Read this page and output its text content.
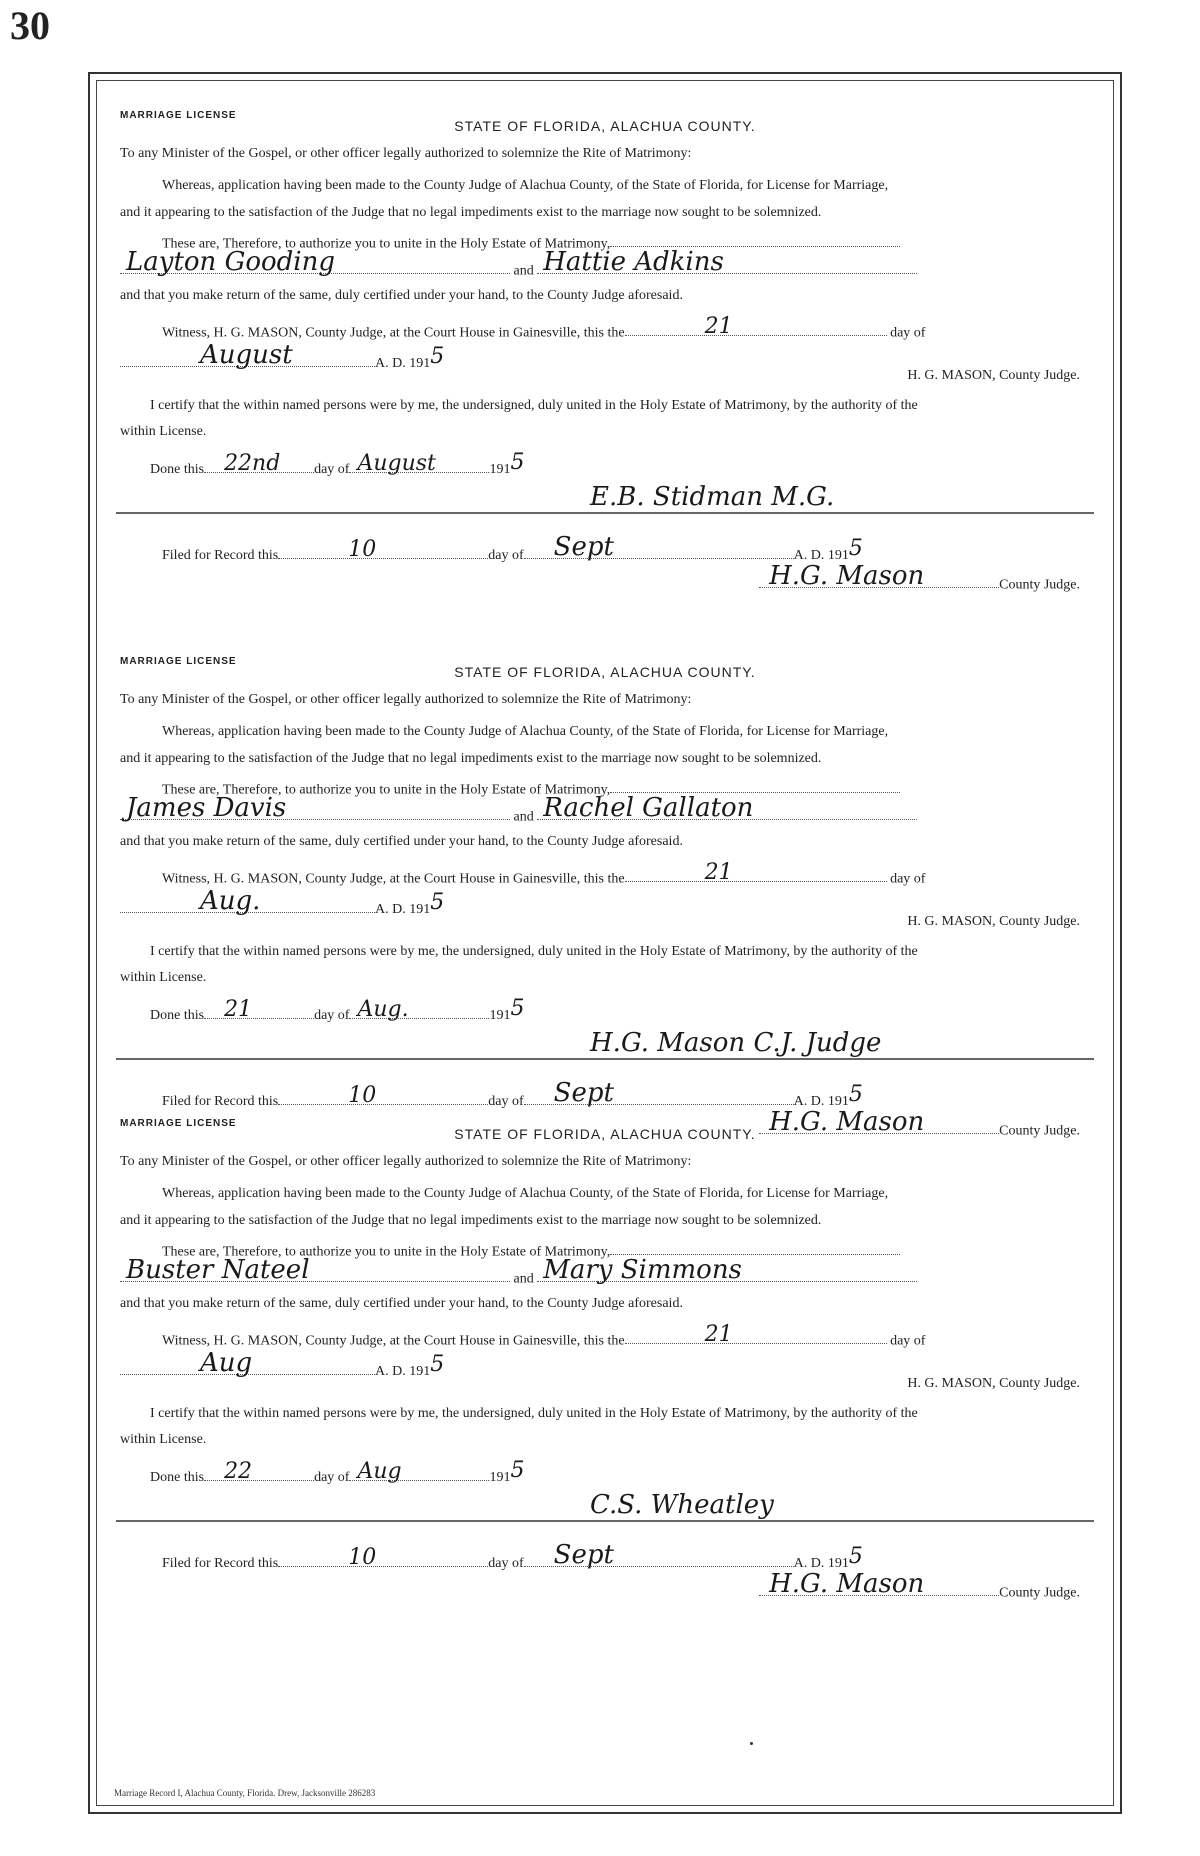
30
MARRIAGE LICENSE
STATE OF FLORIDA, ALACHUA COUNTY.
To any Minister of the Gospel, or other officer legally authorized to solemnize the Rite of Matrimony:
Whereas, application having been made to the County Judge of Alachua County, of the State of Florida, for License for Marriage,
and it appearing to the satisfaction of the Judge that no legal impediments exist to the marriage now sought to be solemnized.
These are, Therefore, to authorize you to unite in the Holy Estate of Matrimony,
Layton Gooding	and Hattie Adkins
and that you make return of the same, duly certified under your hand, to the County Judge aforesaid.
Witness, H. G. MASON, County Judge, at the Court House in Gainesville, this the	21	day of
August	A. D. 1915
H. G. MASON, County Judge.
I certify that the within named persons were by me, the undersigned, duly united in the Holy Estate of Matrimony, by the authority of the
within License.
Done this 22nd day of August	1915
E.B. Stidman M.G.
Filed for Record this	10	day of Sept	A. D. 1915
H.G. Mason	County Judge.
MARRIAGE LICENSE
STATE OF FLORIDA, ALACHUA COUNTY.
To any Minister of the Gospel, or other officer legally authorized to solemnize the Rite of Matrimony:
Whereas, application having been made to the County Judge of Alachua County, of the State of Florida, for License for Marriage,
and it appearing to the satisfaction of the Judge that no legal impediments exist to the marriage now sought to be solemnized.
These are, Therefore, to authorize you to unite in the Holy Estate of Matrimony,
James Davis	and Rachel Gallaton
and that you make return of the same, duly certified under your hand, to the County Judge aforesaid.
Witness, H. G. MASON, County Judge, at the Court House in Gainesville, this the	21	day of
Aug.	A. D. 1915
H. G. MASON, County Judge.
I certify that the within named persons were by me, the undersigned, duly united in the Holy Estate of Matrimony, by the authority of the
within License.
Done this 21	day of Aug.	1915
H.G. Mason C.J. Judge
Filed for Record this	10	day of Sept	A. D. 1915
H.G. Mason	County Judge.
MARRIAGE LICENSE
STATE OF FLORIDA, ALACHUA COUNTY.
To any Minister of the Gospel, or other officer legally authorized to solemnize the Rite of Matrimony:
Whereas, application having been made to the County Judge of Alachua County, of the State of Florida, for License for Marriage,
and it appearing to the satisfaction of the Judge that no legal impediments exist to the marriage now sought to be solemnized.
These are, Therefore, to authorize you to unite in the Holy Estate of Matrimony,
Buster Nateel	and Mary Simmons
and that you make return of the same, duly certified under your hand, to the County Judge aforesaid.
Witness, H. G. MASON, County Judge, at the Court House in Gainesville, this the	21	day of
Aug	A. D. 1915
H. G. MASON, County Judge.
I certify that the within named persons were by me, the undersigned, duly united in the Holy Estate of Matrimony, by the authority of the
within License.
Done this 22	day of Aug	1915
C.S. Wheatley
Filed for Record this	10	day of Sept	A. D. 1915
H.G. Mason	County Judge.
Marriage Record I, Alachua County, Florida. Drew, Jacksonville 286283
